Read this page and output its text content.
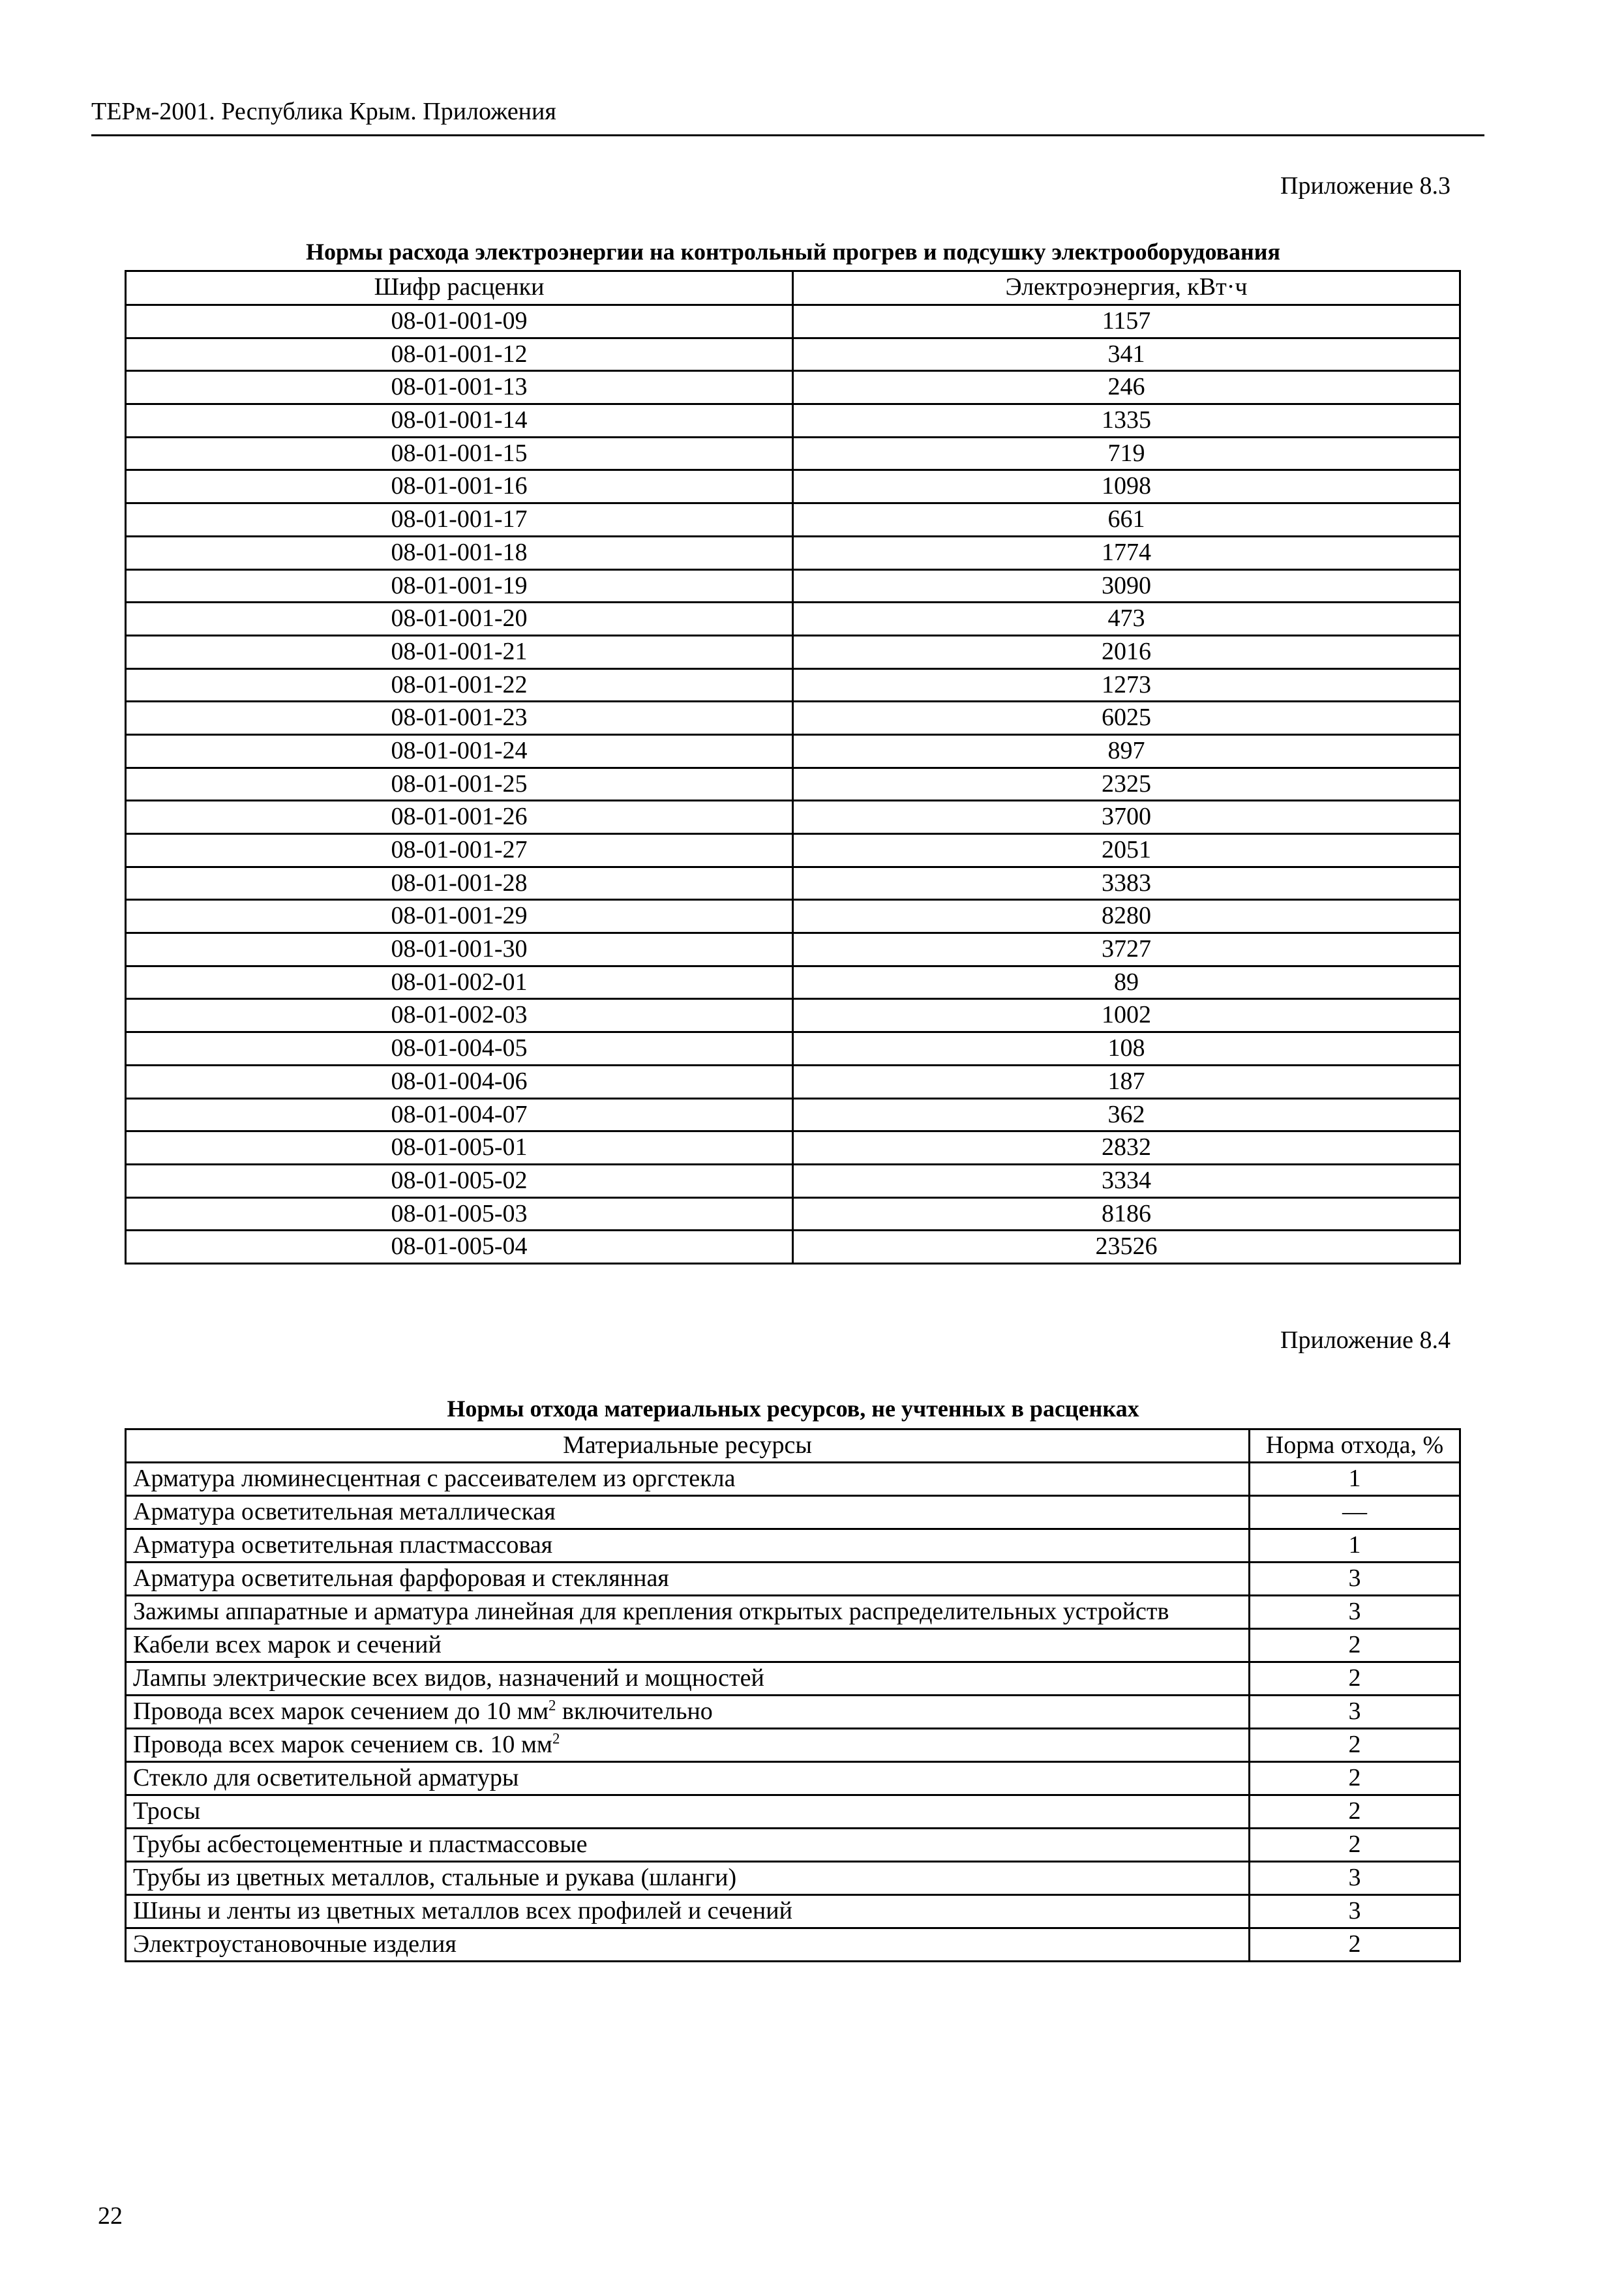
ТЕРм-2001. Республика Крым. Приложения
Приложение 8.3
Нормы расхода электроэнергии на контрольный прогрев и подсушку электрооборудования
Шифр расценки	Электроэнергия, кВт·ч
08-01-001-09	1157
08-01-001-12	341
08-01-001-13	246
08-01-001-14	1335
08-01-001-15	719
08-01-001-16	1098
08-01-001-17	661
08-01-001-18	1774
08-01-001-19	3090
08-01-001-20	473
08-01-001-21	2016
08-01-001-22	1273
08-01-001-23	6025
08-01-001-24	897
08-01-001-25	2325
08-01-001-26	3700
08-01-001-27	2051
08-01-001-28	3383
08-01-001-29	8280
08-01-001-30	3727
08-01-002-01	89
08-01-002-03	1002
08-01-004-05	108
08-01-004-06	187
08-01-004-07	362
08-01-005-01	2832
08-01-005-02	3334
08-01-005-03	8186
08-01-005-04	23526
Приложение 8.4
Нормы отхода материальных ресурсов, не учтенных в расценках
Материальные ресурсы	Норма отхода, %
Арматура люминесцентная с рассеивателем из оргстекла	1
Арматура осветительная металлическая	—
Арматура осветительная пластмассовая	1
Арматура осветительная фарфоровая и стеклянная	3
Зажимы аппаратные и арматура линейная для крепления открытых распределительных устройств	3
Кабели всех марок и сечений	2
Лампы электрические всех видов, назначений и мощностей	2
Провода всех марок сечением до 10 $мм^2$ включительно	3
Провода всех марок сечением св. 10 $мм^2$	2
Стекло для осветительной арматуры	2
Тросы	2
Трубы асбестоцементные и пластмассовые	2
Трубы из цветных металлов, стальные и рукава (шланги)	3
Шины и ленты из цветных металлов всех профилей и сечений	3
Электроустановочные изделия	2
22
